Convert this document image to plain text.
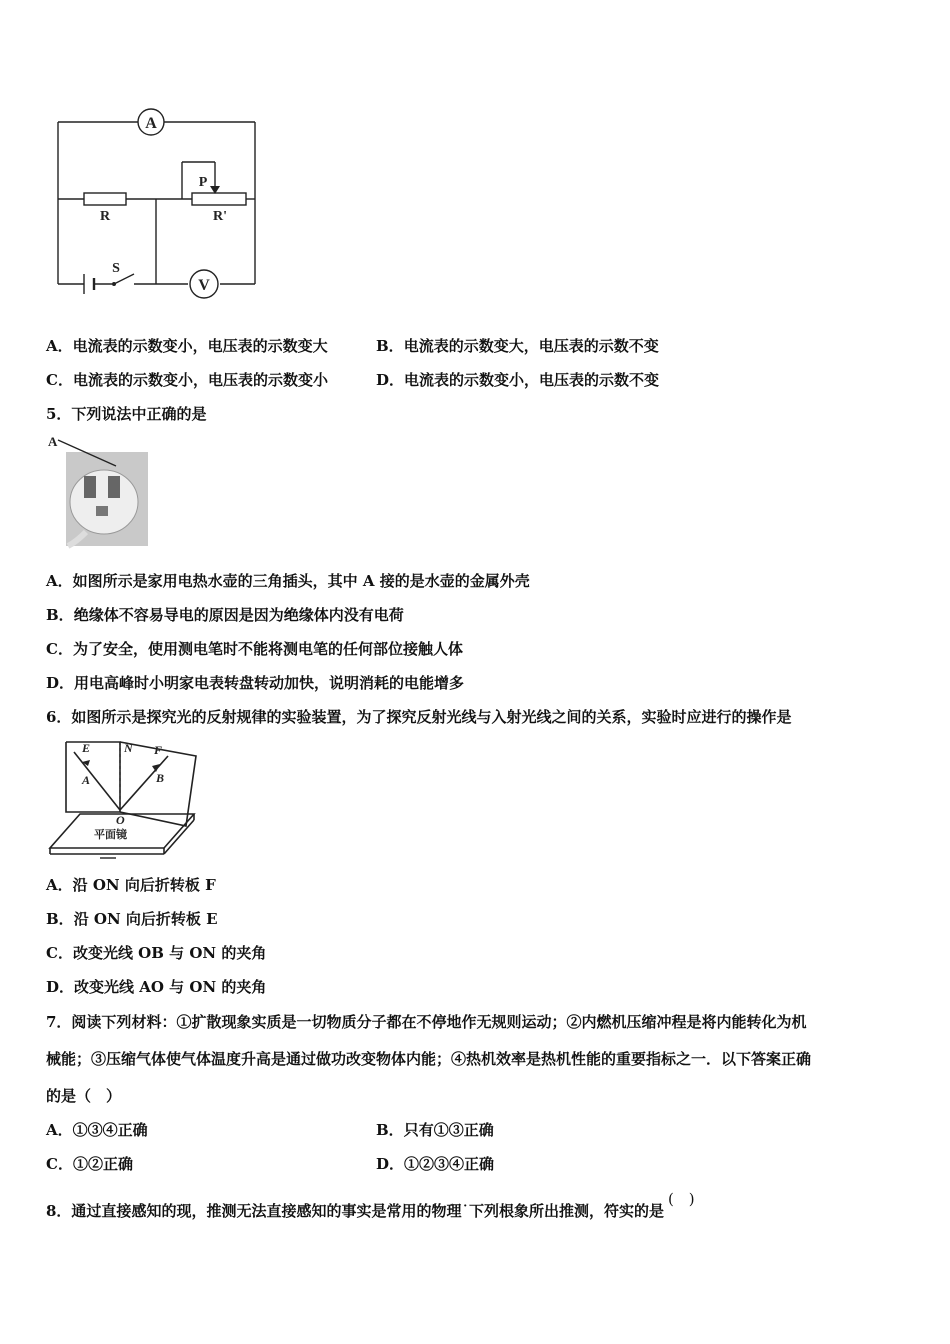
A
R
P
R'
S
V
A．电流表的示数变小，电压表的示数变大	B．电流表的示数变大，电压表的示数不变
C．电流表的示数变小，电压表的示数变小	D．电流表的示数变小，电压表的示数不变
5．下列说法中正确的是
A
A．如图所示是家用电热水壶的三角插头，其中 A 接的是水壶的金属外壳
B．绝缘体不容易导电的原因是因为绝缘体内没有电荷
C．为了安全，使用测电笔时不能将测电笔的任何部位接触人体
D．用电高峰时小明家电表转盘转动加快，说明消耗的电能增多
6．如图所示是探究光的反射规律的实验装置，为了探究反射光线与入射光线之间的关系，实验时应进行的操作是
E	N F
A	B
O
平面镜
A．沿 ON 向后折转板 F
B．沿 ON 向后折转板 E
C．改变光线 OB 与 ON 的夹角
D．改变光线 AO 与 ON 的夹角
7．阅读下列材料：①扩散现象实质是一切物质分子都在不停地作无规则运动；②内燃机压缩冲程是将内能转化为机
械能；③压缩气体使气体温度升高是通过做功改变物体内能；④热机效率是热机性能的重要指标之一．以下答案正确
的是（　）
A．①③④正确	B．只有①③正确
C．①②正确	D．①②③④正确
8．通过直接感知的现，推测无法直接感知的事实是常用的物理˙下列根象所出推测，符实的是(　)
